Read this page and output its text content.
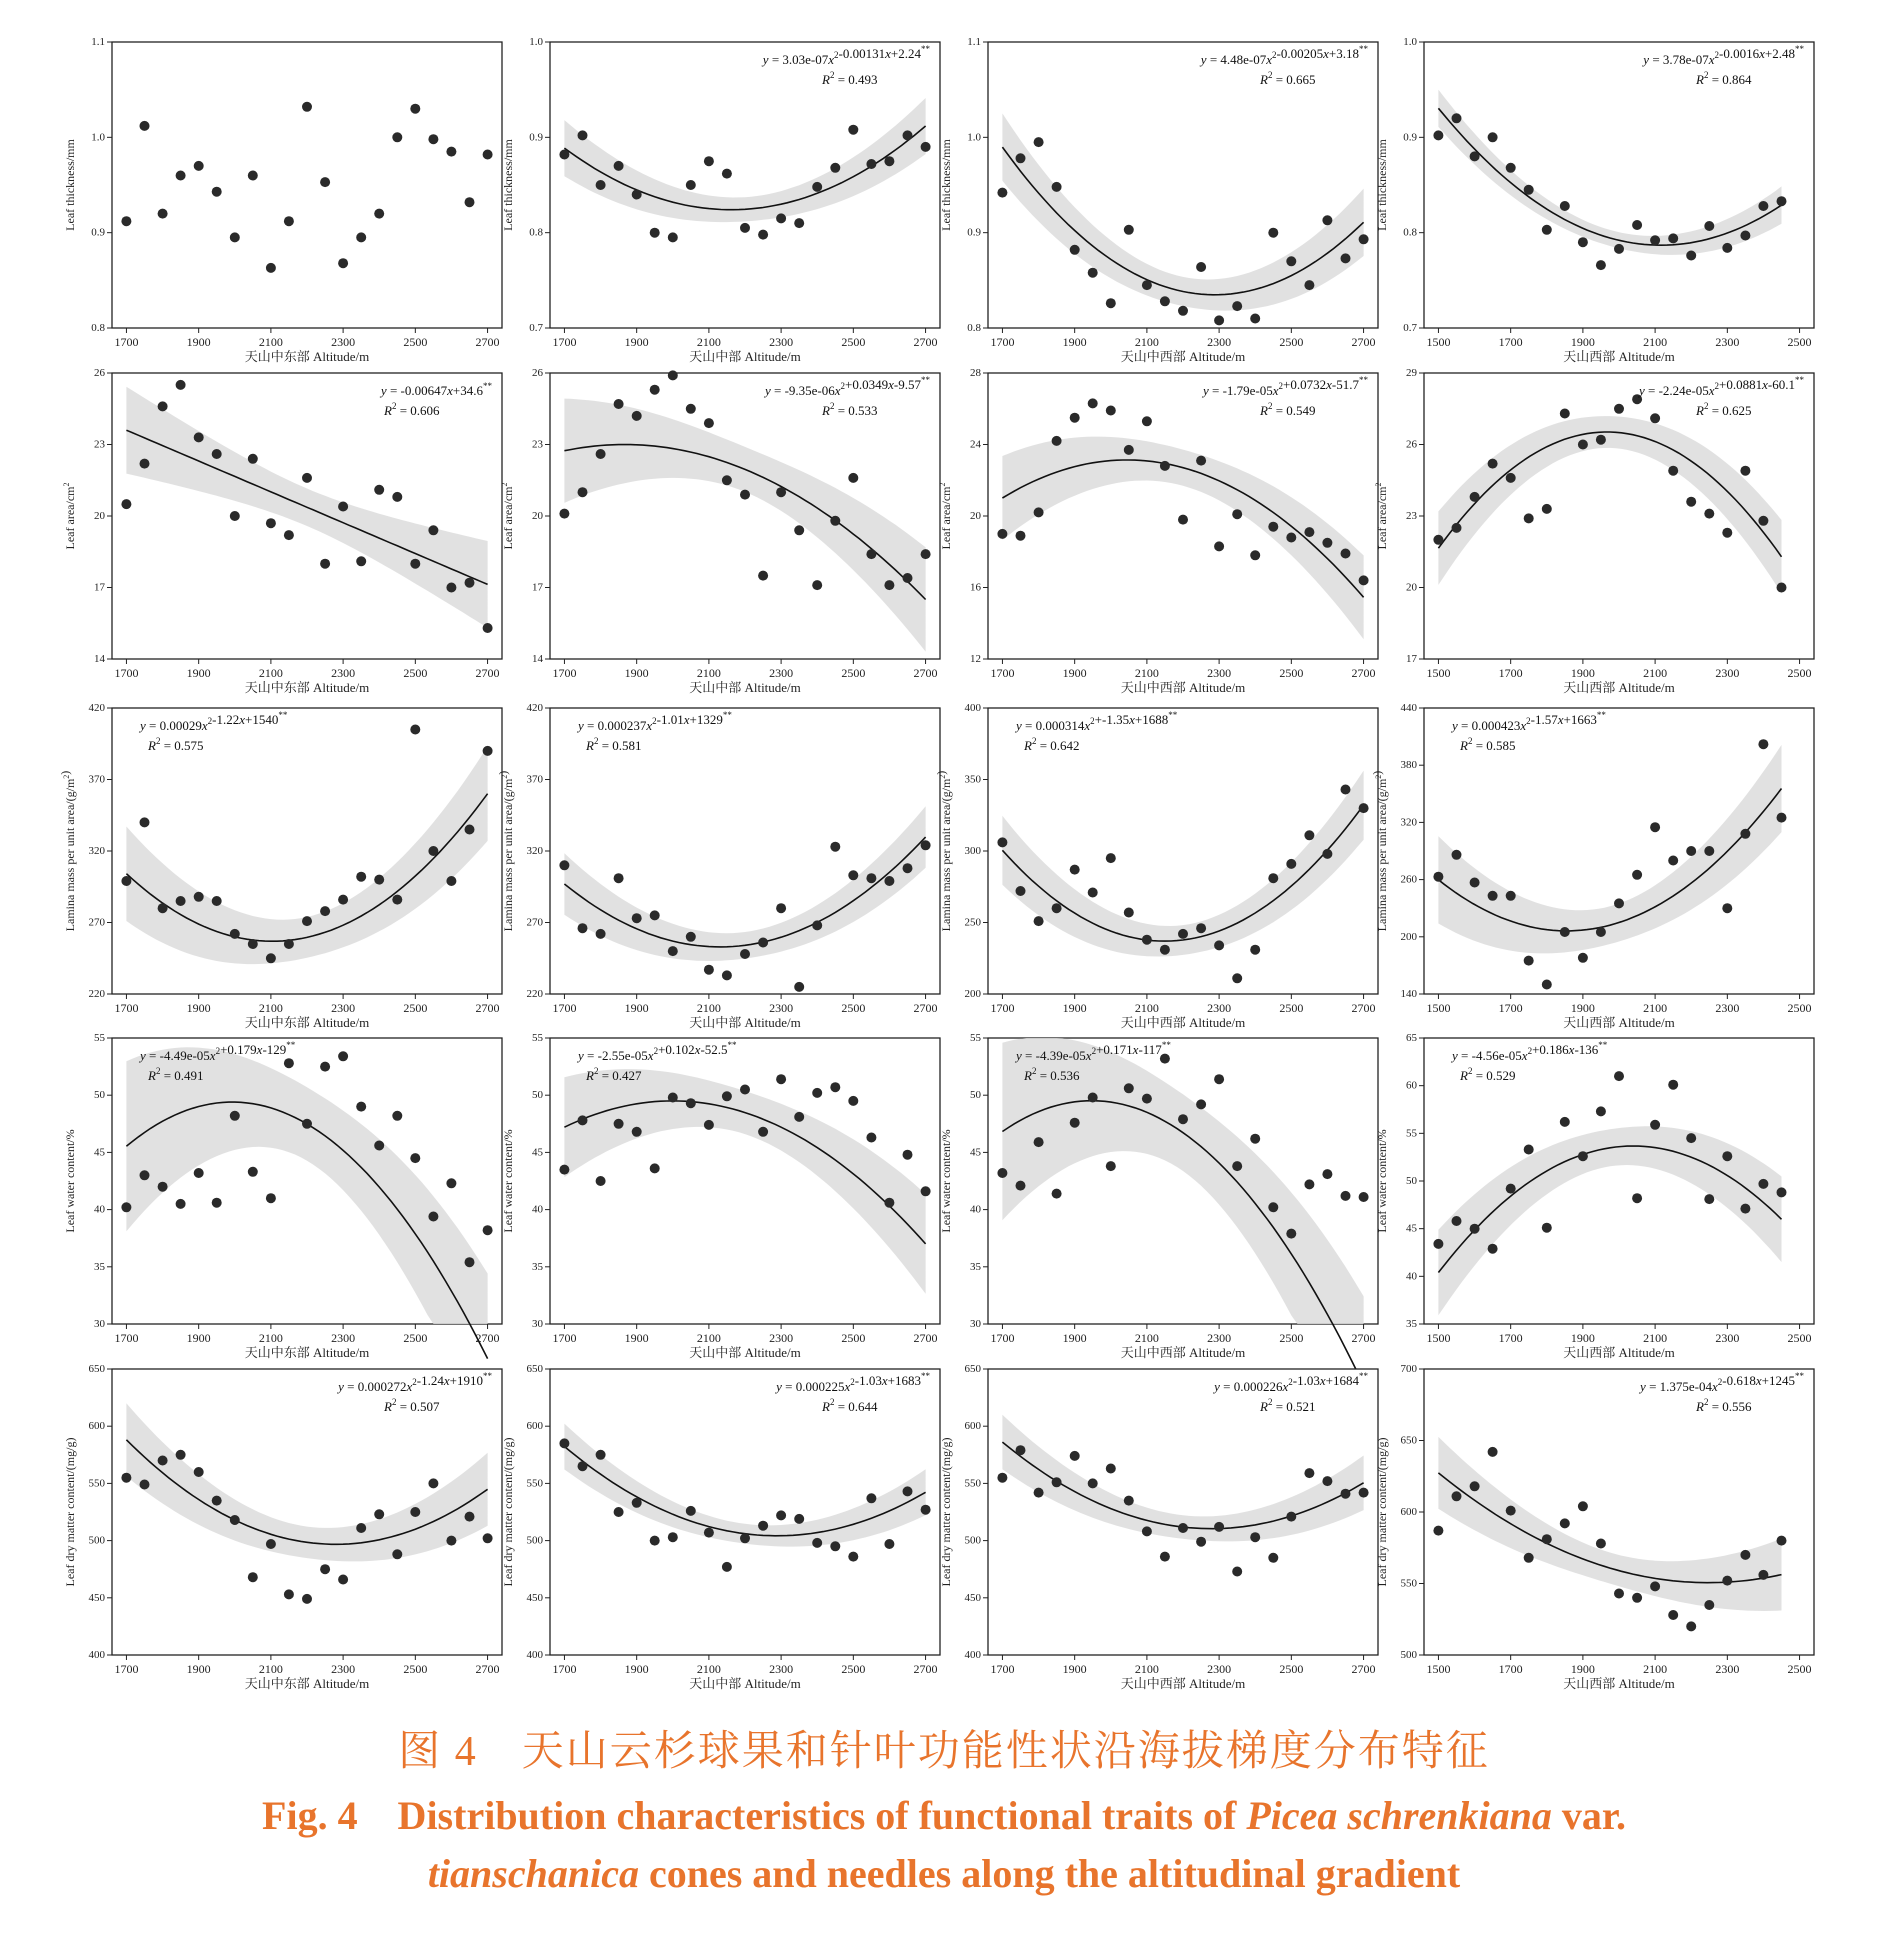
1700	1900	2100	2300	2500	2700
0.8
0.9
1.0
1.1
天山中东部 Altitude/m
Leaf thickness/mm
1700	1900	2100	2300	2500	2700
0.7
0.8
0.9
1.0
天山中部 Altitude/m
Leaf thickness/mm
$y = 3.03e-07x^2-0.00131x+2.24^{**}$
$R^2 = 0.493$
1700	1900	2100	2300	2500	2700
0.8
0.9
1.0
1.1
天山中西部 Altitude/m
Leaf thickness/mm
$y = 4.48e-07x^2-0.00205x+3.18^{**}$
$R^2 = 0.665$
1500	1700	1900	2100	2300	2500
0.7
0.8
0.9
1.0
天山西部 Altitude/m
Leaf thickness/mm
$y = 3.78e-07x^2-0.0016x+2.48^{**}$
$R^2 = 0.864$
1700	1900	2100	2300	2500	2700
14
17
20
23
26
天山中东部 Altitude/m
Leaf area/$cm^2$
y = -0.00647x+34.6**
$R^2 = 0.606$
1700	1900	2100	2300	2500	2700
14
17
20
23
26
天山中部 Altitude/m
Leaf area/$cm^2$
$y = -9.35e-06x^2+0.0349x-9.57^{**}$
$R^2 = 0.533$
1700	1900	2100	2300	2500	2700
12
16
20
24
28
天山中西部 Altitude/m
Leaf area/$cm^2$
$y = -1.79e-05x^2+0.0732x-51.7^{**}$
$R^2 = 0.549$
1500	1700	1900	2100	2300	2500
17
20
23
26
29
天山西部 Altitude/m
Leaf area/$cm^2$
$y = -2.24e-05x^2+0.0881x-60.1^{**}$
$R^2 = 0.625$
1700	1900	2100	2300	2500	2700
220
270
320
370
420
天山中东部 Altitude/m
Lamina mass per unit area/$(g/m^2)$
$y = 0.00029x^2-1.22x+1540^{**}$
$R^2 = 0.575$
1700	1900	2100	2300	2500	2700
220
270
320
370
420
天山中部 Altitude/m
Lamina mass per unit area/$(g/m^2)$
$y = 0.000237x^2-1.01x+1329^{**}$
$R^2 = 0.581$
1700	1900	2100	2300	2500	2700
200
250
300
350
400
天山中西部 Altitude/m
Lamina mass per unit area/$(g/m^2)$
$y = 0.000314x^2+-1.35x+1688^{**}$
$R^2 = 0.642$
1500	1700	1900	2100	2300	2500
140
200
260
320
380
440
天山西部 Altitude/m
Lamina mass per unit area/$(g/m^2)$
$y = 0.000423x^2-1.57x+1663^{**}$
$R^2 = 0.585$
1700	1900	2100	2300	2500	2700
30
35
40
45
50
55
天山中东部 Altitude/m
Leaf water content/%
$y = -4.49e-05x^2+0.179x-129^{**}$
$R^2 = 0.491$
1700	1900	2100	2300	2500	2700
30
35
40
45
50
55
天山中部 Altitude/m
Leaf water content/%
$y = -2.55e-05x^2+0.102x-52.5^{**}$
$R^2 = 0.427$
1700	1900	2100	2300	2500	2700
30
35
40
45
50
55
天山中西部 Altitude/m
Leaf water content/%
$y = -4.39e-05x^2+0.171x-117^{**}$
$R^2 = 0.536$
1500	1700	1900	2100	2300	2500
35
40
45
50
55
60
65
天山西部 Altitude/m
Leaf water content/%
$y = -4.56e-05x^2+0.186x-136^{**}$
$R^2 = 0.529$
1700	1900	2100	2300	2500	2700
400
450
500
550
600
650
天山中东部 Altitude/m
Leaf dry matter content/(mg/g)
$y = 0.000272x^2-1.24x+1910^{**}$
$R^2 = 0.507$
1700	1900	2100	2300	2500	2700
400
450
500
550
600
650
天山中部 Altitude/m
Leaf dry matter content/(mg/g)
$y = 0.000225x^2-1.03x+1683^{**}$
$R^2 = 0.644$
1700	1900	2100	2300	2500	2700
400
450
500
550
600
650
天山中西部 Altitude/m
Leaf dry matter content/(mg/g)
$y = 0.000226x^2-1.03x+1684^{**}$
$R^2 = 0.521$
1500	1700	1900	2100	2300	2500
500
550
600
650
700
天山西部 Altitude/m
Leaf dry matter content/(mg/g)
$y = 1.375e-04x^2-0.618x+1245^{**}$
$R^2 = 0.556$
图 4　天山云杉球果和针叶功能性状沿海拔梯度分布特征
Fig. 4　Distribution characteristics of functional traits of Picea schrenkiana var.
tianschanica cones and needles along the altitudinal gradient
